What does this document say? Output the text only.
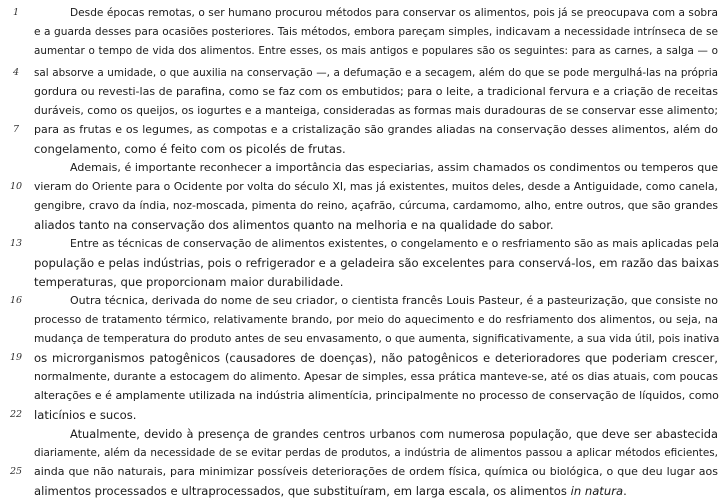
1
4
7
10
13
16
19
22
25
Desde épocas remotas, o ser humano procurou métodos para conservar os alimentos, pois já se preocupava com a sobra
e a guarda desses para ocasiões posteriores. Tais métodos, embora pareçam simples, indicavam a necessidade intrínseca de se
aumentar o tempo de vida dos alimentos. Entre esses, os mais antigos e populares são os seguintes: para as carnes, a salga — o
sal absorve a umidade, o que auxilia na conservação —, a defumação e a secagem, além do que se pode mergulhá-las na própria
gordura ou revesti-las de parafina, como se faz com os embutidos; para o leite, a tradicional fervura e a criação de receitas
duráveis, como os queijos, os iogurtes e a manteiga, consideradas as formas mais duradouras de se conservar esse alimento;
para as frutas e os legumes, as compotas e a cristalização são grandes aliadas na conservação desses alimentos, além do
congelamento, como é feito com os picolés de frutas.
Ademais, é importante reconhecer a importância das especiarias, assim chamados os condimentos ou temperos que
vieram do Oriente para o Ocidente por volta do século XI, mas já existentes, muitos deles, desde a Antiguidade, como canela,
gengibre, cravo da índia, noz-moscada, pimenta do reino, açafrão, cúrcuma, cardamomo, alho, entre outros, que são grandes
aliados tanto na conservação dos alimentos quanto na melhoria e na qualidade do sabor.
Entre as técnicas de conservação de alimentos existentes, o congelamento e o resfriamento são as mais aplicadas pela
população e pelas indústrias, pois o refrigerador e a geladeira são excelentes para conservá-los, em razão das baixas
temperaturas, que proporcionam maior durabilidade.
Outra técnica, derivada do nome de seu criador, o cientista francês Louis Pasteur, é a pasteurização, que consiste no
processo de tratamento térmico, relativamente brando, por meio do aquecimento e do resfriamento dos alimentos, ou seja, na
mudança de temperatura do produto antes de seu envasamento, o que aumenta, significativamente, a sua vida útil, pois inativa
os microrganismos patogênicos (causadores de doenças), não patogênicos e deterioradores que poderiam crescer,
normalmente, durante a estocagem do alimento. Apesar de simples, essa prática manteve-se, até os dias atuais, com poucas
alterações e é amplamente utilizada na indústria alimentícia, principalmente no processo de conservação de líquidos, como
laticínios e sucos.
Atualmente, devido à presença de grandes centros urbanos com numerosa população, que deve ser abastecida
diariamente, além da necessidade de se evitar perdas de produtos, a indústria de alimentos passou a aplicar métodos eficientes,
ainda que não naturais, para minimizar possíveis deteriorações de ordem física, química ou biológica, o que deu lugar aos
alimentos processados e ultraprocessados, que substituíram, em larga escala, os alimentos in natura.
